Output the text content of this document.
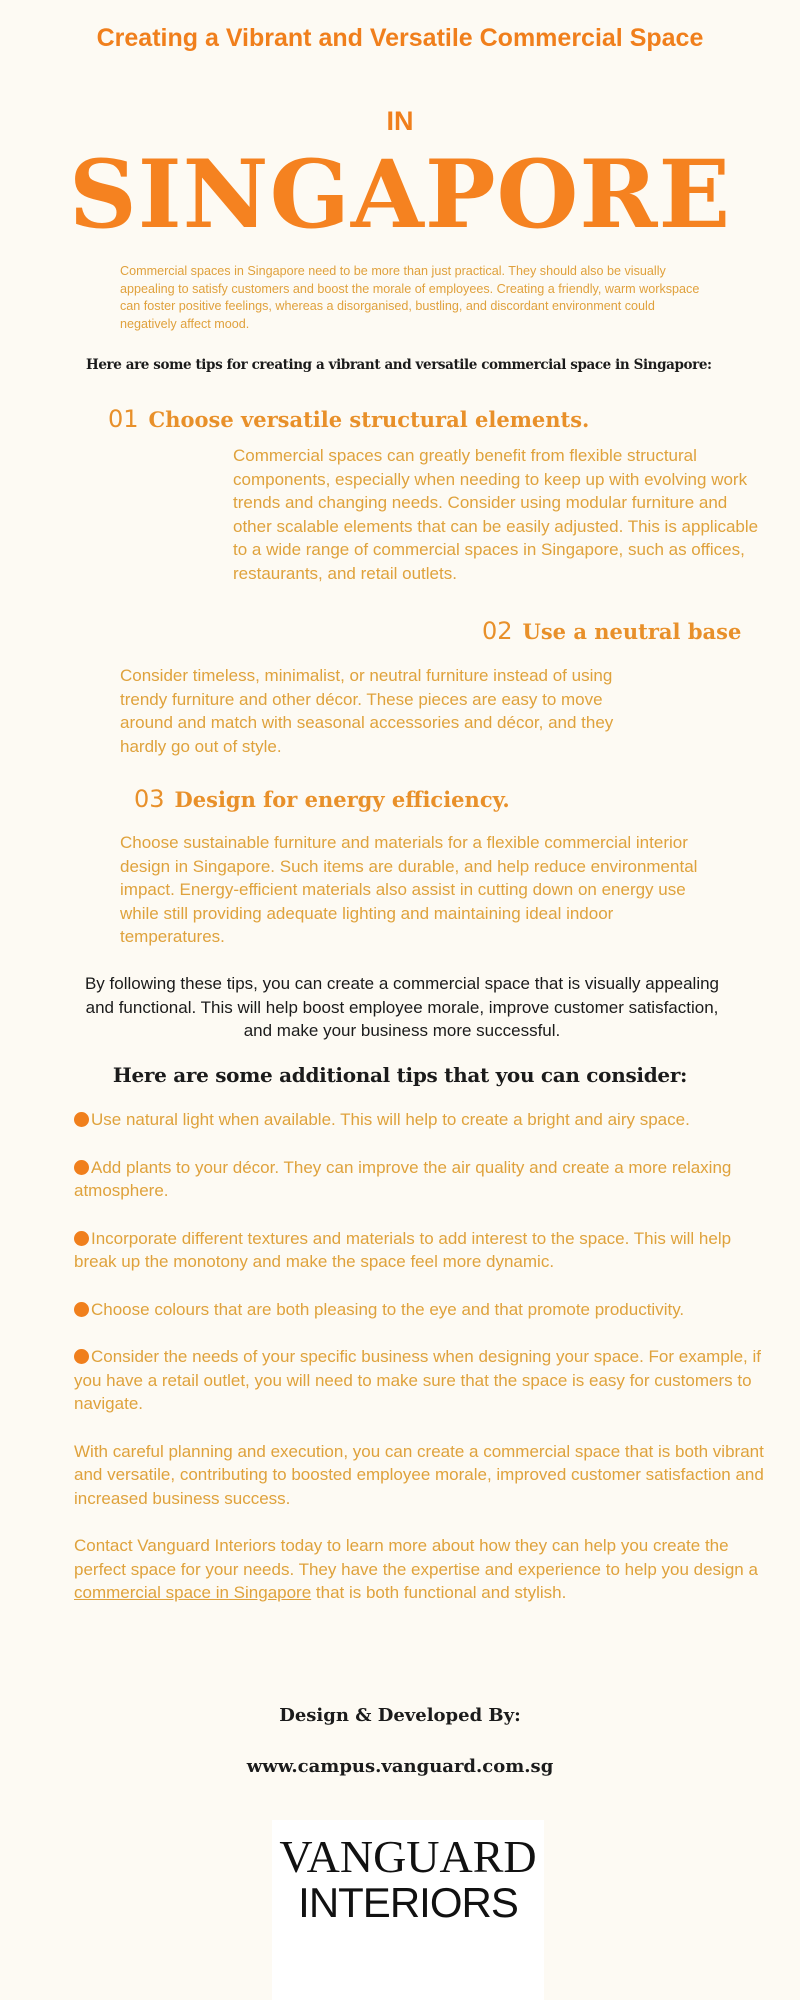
Creating a Vibrant and Versatile Commercial Space
IN
SINGAPORE
Commercial spaces in Singapore need to be more than just practical. They should also be visually appealing to satisfy customers and boost the morale of employees. Creating a friendly, warm workspace can foster positive feelings, whereas a disorganised, bustling, and discordant environment could negatively affect mood.
Here are some tips for creating a vibrant and versatile commercial space in Singapore:
01 Choose versatile structural elements.
Commercial spaces can greatly benefit from flexible structural components, especially when needing to keep up with evolving work trends and changing needs. Consider using modular furniture and other scalable elements that can be easily adjusted. This is applicable to a wide range of commercial spaces in Singapore, such as offices, restaurants, and retail outlets.
02 Use a neutral base
Consider timeless, minimalist, or neutral furniture instead of using trendy furniture and other décor. These pieces are easy to move around and match with seasonal accessories and décor, and they hardly go out of style.
03 Design for energy efficiency.
Choose sustainable furniture and materials for a flexible commercial interior design in Singapore. Such items are durable, and help reduce environmental impact. Energy-efficient materials also assist in cutting down on energy use while still providing adequate lighting and maintaining ideal indoor temperatures.
By following these tips, you can create a commercial space that is visually appealing and functional. This will help boost employee morale, improve customer satisfaction, and make your business more successful.
Here are some additional tips that you can consider:
Use natural light when available. This will help to create a bright and airy space.
Add plants to your décor. They can improve the air quality and create a more relaxing atmosphere.
Incorporate different textures and materials to add interest to the space. This will help break up the monotony and make the space feel more dynamic.
Choose colours that are both pleasing to the eye and that promote productivity.
Consider the needs of your specific business when designing your space. For example, if you have a retail outlet, you will need to make sure that the space is easy for customers to navigate.
With careful planning and execution, you can create a commercial space that is both vibrant and versatile, contributing to boosted employee morale, improved customer satisfaction and increased business success.
Contact Vanguard Interiors today to learn more about how they can help you create the perfect space for your needs. They have the expertise and experience to help you design a commercial space in Singapore that is both functional and stylish.
Design & Developed By:
www.campus.vanguard.com.sg
VANGUARD
INTERIORS
